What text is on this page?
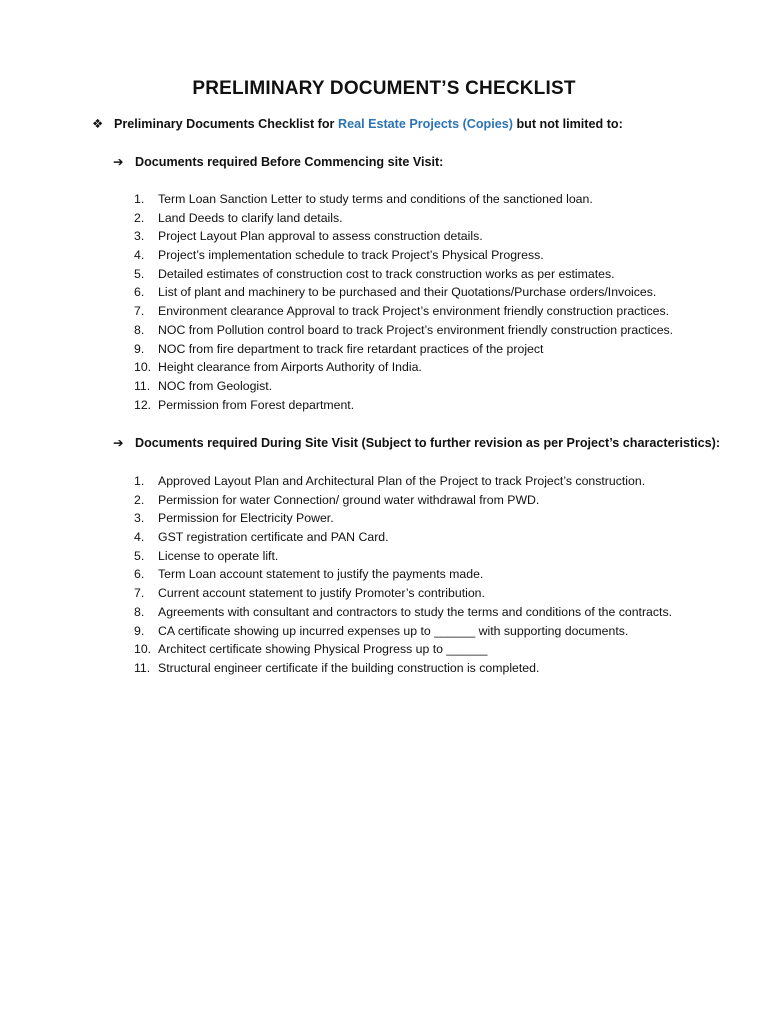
PRELIMINARY DOCUMENT’S CHECKLIST
❖ Preliminary Documents Checklist for Real Estate Projects (Copies) but not limited to:
➔ Documents required Before Commencing site Visit:
1. Term Loan Sanction Letter to study terms and conditions of the sanctioned loan.
2. Land Deeds to clarify land details.
3. Project Layout Plan approval to assess construction details.
4. Project’s implementation schedule to track Project’s Physical Progress.
5. Detailed estimates of construction cost to track construction works as per estimates.
6. List of plant and machinery to be purchased and their Quotations/Purchase orders/Invoices.
7. Environment clearance Approval to track Project’s environment friendly construction practices.
8. NOC from Pollution control board to track Project’s environment friendly construction practices.
9. NOC from fire department to track fire retardant practices of the project
10. Height clearance from Airports Authority of India.
11. NOC from Geologist.
12. Permission from Forest department.
➔ Documents required During Site Visit (Subject to further revision as per Project’s characteristics):
1. Approved Layout Plan and Architectural Plan of the Project to track Project’s construction.
2. Permission for water Connection/ ground water withdrawal from PWD.
3. Permission for Electricity Power.
4. GST registration certificate and PAN Card.
5. License to operate lift.
6. Term Loan account statement to justify the payments made.
7. Current account statement to justify Promoter’s contribution.
8. Agreements with consultant and contractors to study the terms and conditions of the contracts.
9. CA certificate showing up incurred expenses up to ______ with supporting documents.
10. Architect certificate showing Physical Progress up to ______
11. Structural engineer certificate if the building construction is completed.
